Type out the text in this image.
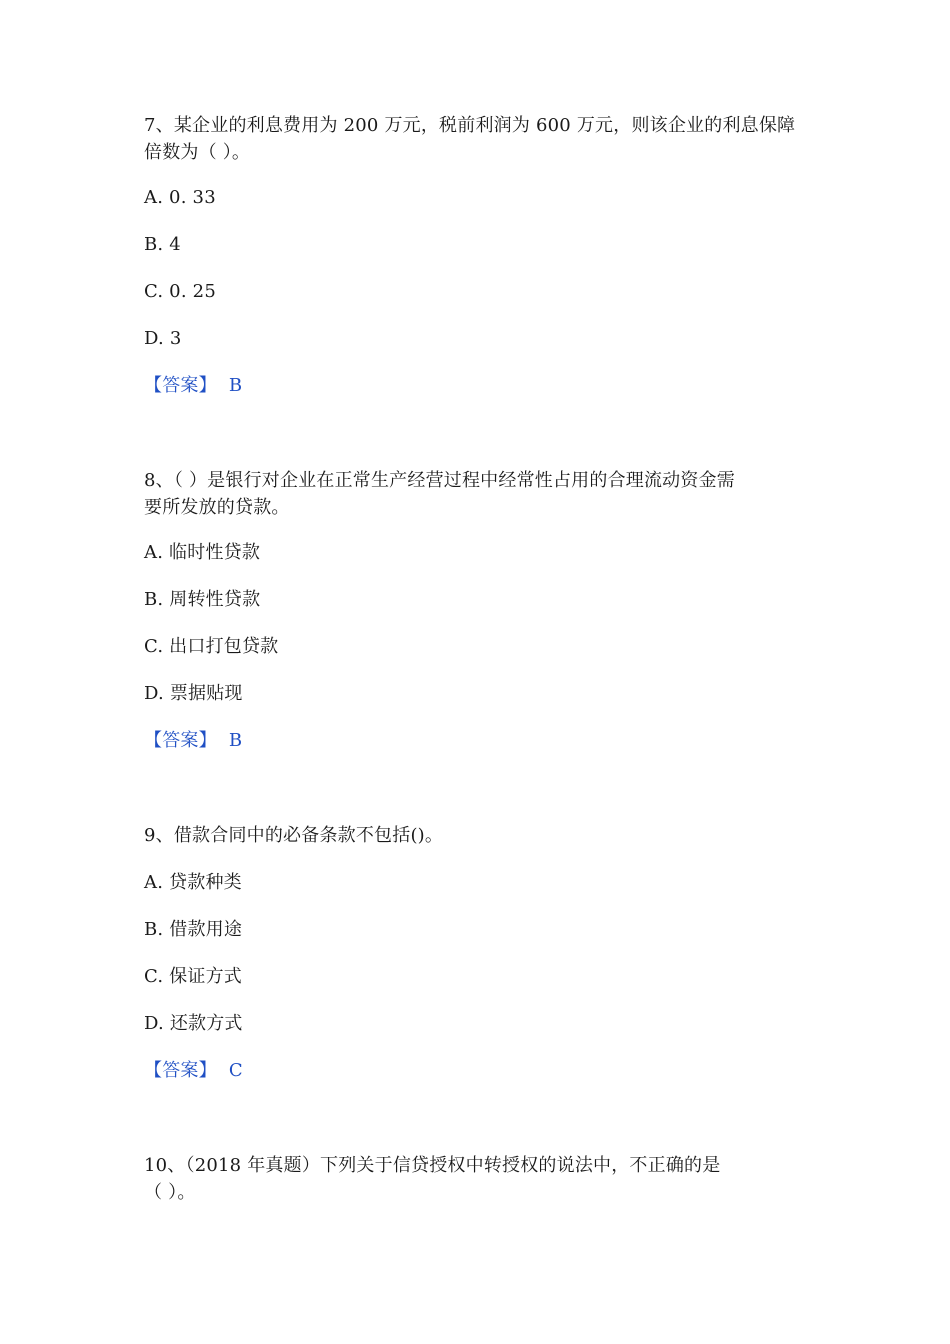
7、某企业的利息费用为 200 万元，税前利润为 600 万元，则该企业的利息保障
倍数为（ ）。
A. 0. 33
B. 4
C. 0. 25
D. 3
【答案】 B
8、（ ）是银行对企业在正常生产经营过程中经常性占用的合理流动资金需
要所发放的贷款。
A. 临时性贷款
B. 周转性贷款
C. 出口打包贷款
D. 票据贴现
【答案】 B
9、借款合同中的必备条款不包括()。
A. 贷款种类
B. 借款用途
C. 保证方式
D. 还款方式
【答案】 C
10、（2018 年真题）下列关于信贷授权中转授权的说法中，不正确的是
（ ）。
